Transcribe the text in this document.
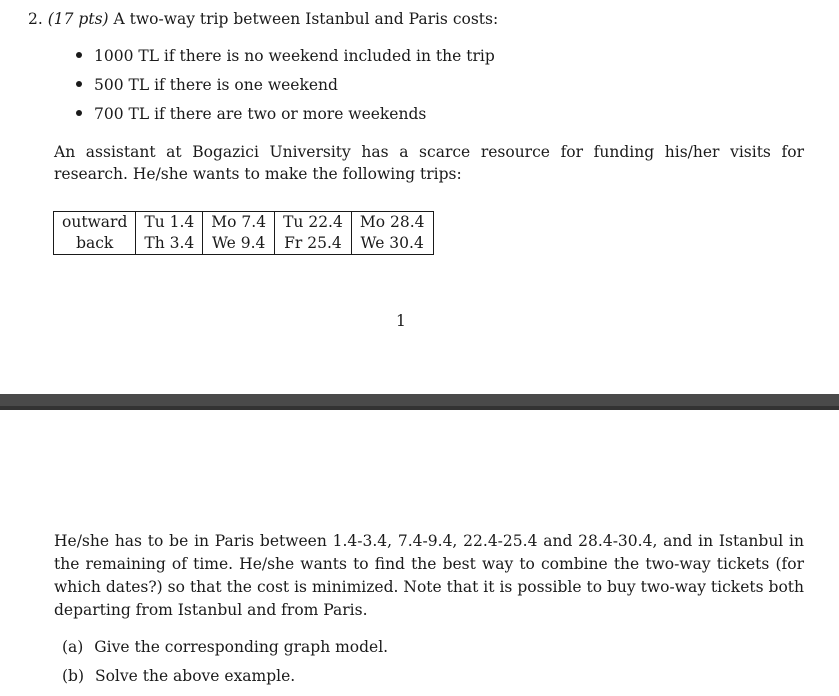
2. (17 pts) A two-way trip between Istanbul and Paris costs:
1000 TL if there is no weekend included in the trip
500 TL if there is one weekend
700 TL if there are two or more weekends
An assistant at Bogazici University has a scarce resource for funding his/her visits for research. He/she wants to make the following trips:
outward	Tu 1.4	Mo 7.4	Tu 22.4	Mo 28.4
back	Th 3.4	We 9.4	Fr 25.4	We 30.4
1
He/she has to be in Paris between 1.4-3.4, 7.4-9.4, 22.4-25.4 and 28.4-30.4, and in Istanbul in the remaining of time. He/she wants to find the best way to combine the two-way tickets (for which dates?) so that the cost is minimized. Note that it is possible to buy two-way tickets both departing from Istanbul and from Paris.
(a) Give the corresponding graph model.
(b) Solve the above example.
